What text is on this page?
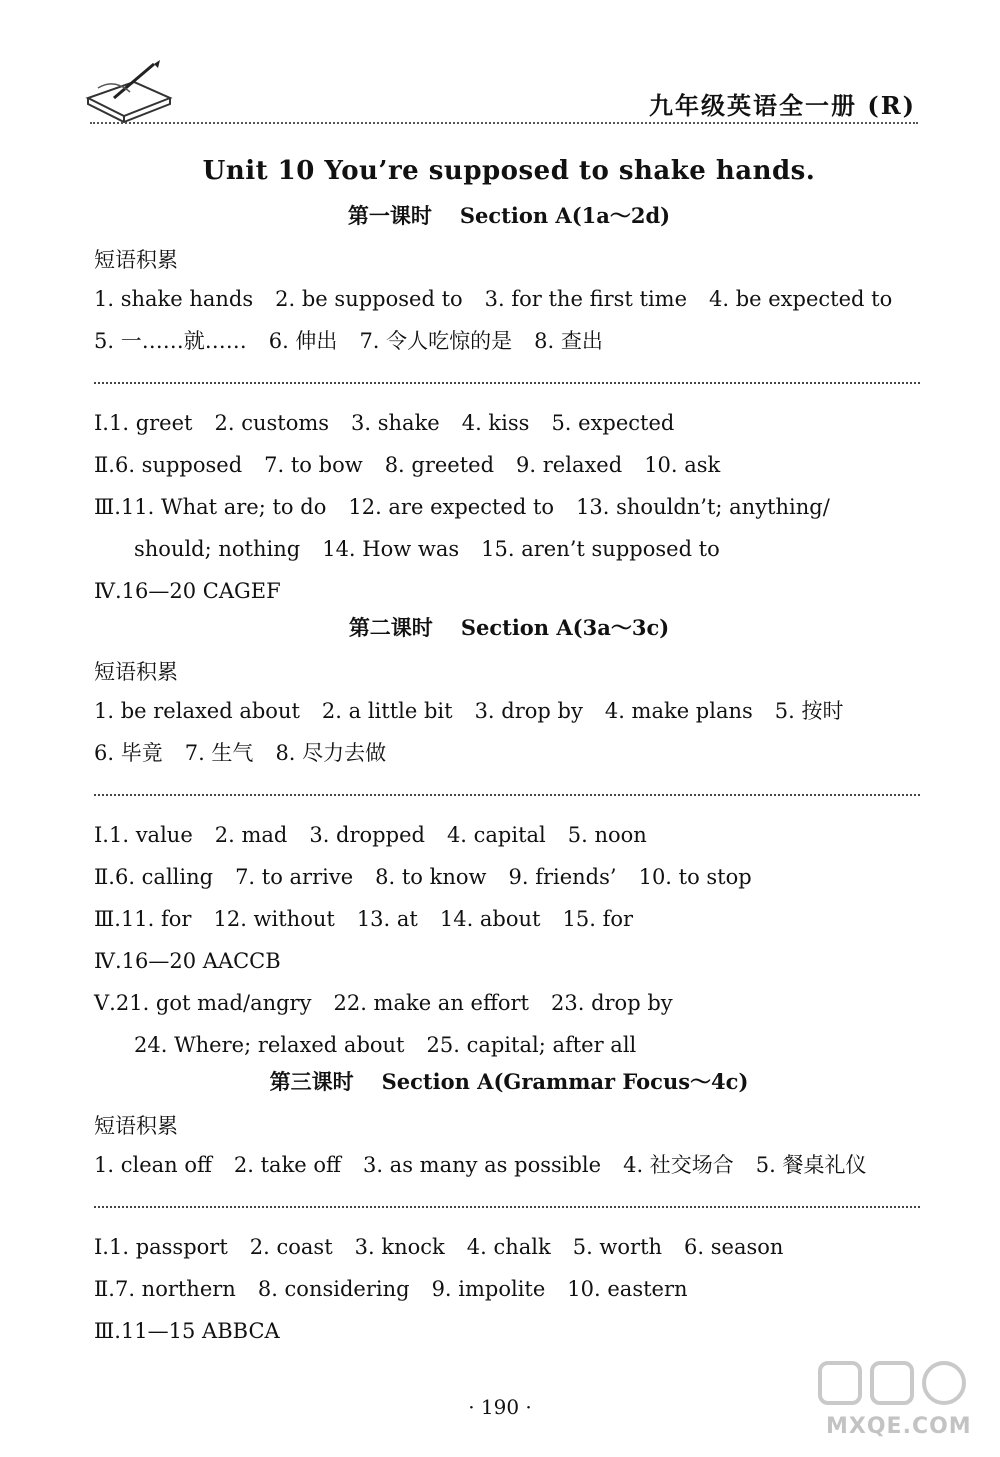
九年级英语全一册 (R)
Unit 10 You’re supposed to shake hands.
第一课时 Section A(1a～2d)
短语积累
1. shake hands 2. be supposed to 3. for the first time 4. be expected to
5. 一……就…… 6. 伸出 7. 令人吃惊的是 8. 查出
Ⅰ.1. greet 2. customs 3. shake 4. kiss 5. expected
Ⅱ.6. supposed 7. to bow 8. greeted 9. relaxed 10. ask
Ⅲ.11. What are; to do 12. are expected to 13. shouldn’t; anything/
should; nothing 14. How was 15. aren’t supposed to
Ⅳ.16—20 CAGEF
第二课时 Section A(3a～3c)
短语积累
1. be relaxed about 2. a little bit 3. drop by 4. make plans 5. 按时
6. 毕竟 7. 生气 8. 尽力去做
Ⅰ.1. value 2. mad 3. dropped 4. capital 5. noon
Ⅱ.6. calling 7. to arrive 8. to know 9. friends’ 10. to stop
Ⅲ.11. for 12. without 13. at 14. about 15. for
Ⅳ.16—20 AACCB
Ⅴ.21. got mad/angry 22. make an effort 23. drop by
24. Where; relaxed about 25. capital; after all
第三课时 Section A(Grammar Focus～4c)
短语积累
1. clean off 2. take off 3. as many as possible 4. 社交场合 5. 餐桌礼仪
Ⅰ.1. passport 2. coast 3. knock 4. chalk 5. worth 6. season
Ⅱ.7. northern 8. considering 9. impolite 10. eastern
Ⅲ.11—15 ABBCA
· 190 ·
MXQE.COM
